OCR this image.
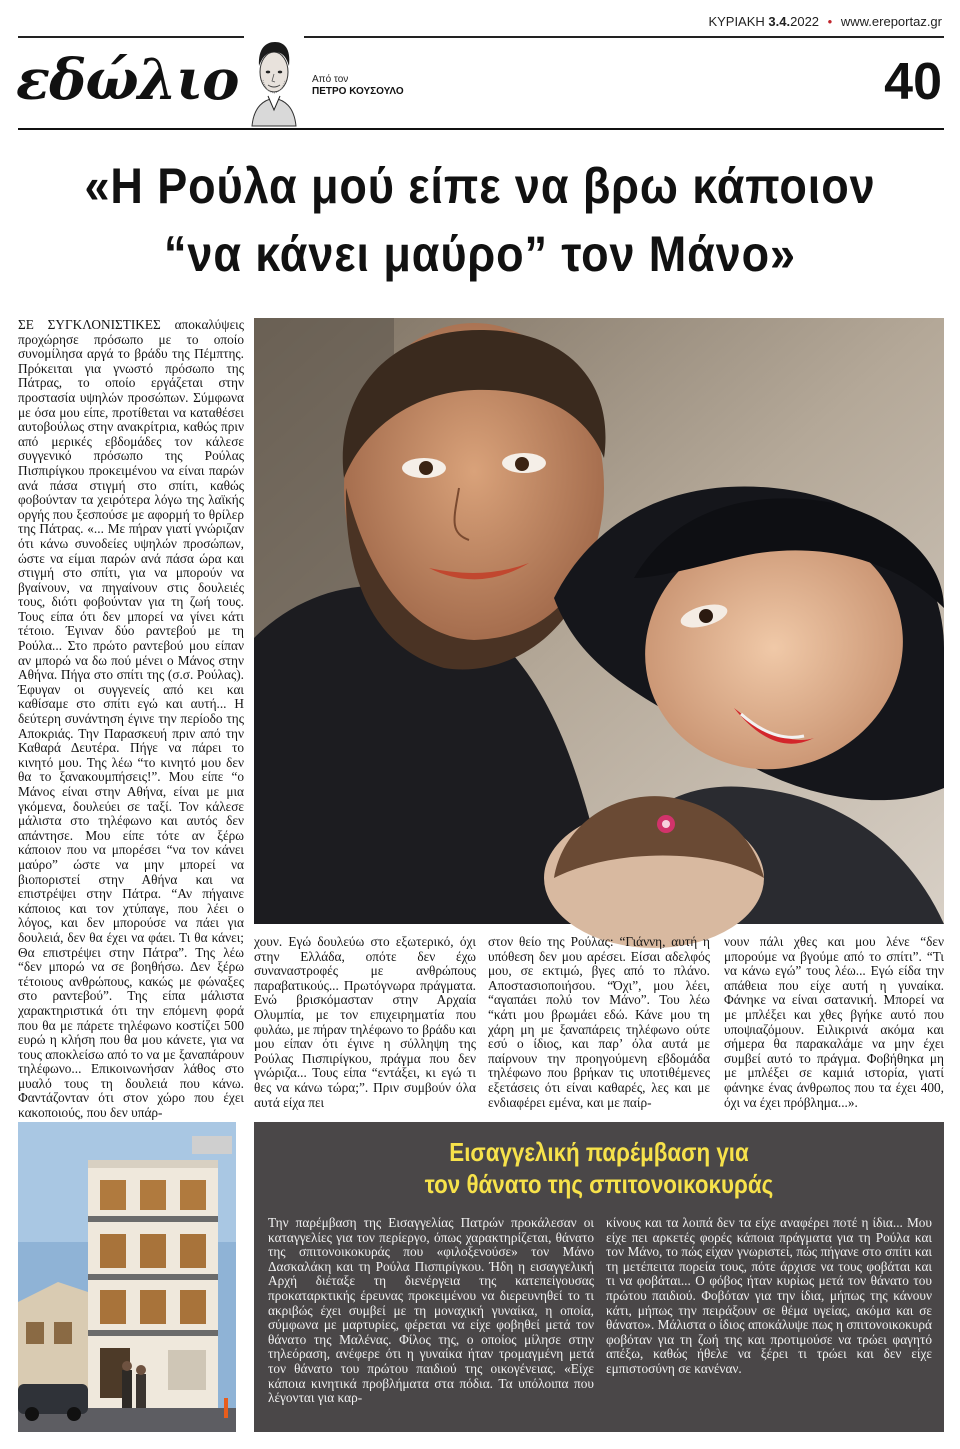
ΚΥΡΙΑΚΗ 3.4.2022 • www.ereportaz.gr
εδώλιο	Από τον
ΠΕΤΡΟ ΚΟΥΣΟΥΛΟ	40
«Η Ρούλα μού είπε να βρω κάποιον
“να κάνει μαύρο” τον Μάνο»
ΣΕ ΣΥΓΚΛΟΝΙΣΤΙΚΕΣ αποκαλύψεις προχώρησε πρόσωπο με το οποίο συνομίλησα αργά το βράδυ της Πέμπτης. Πρόκειται για γνωστό πρόσωπο της Πάτρας, το οποίο εργάζεται στην προστασία υψηλών προσώπων. Σύμφωνα με όσα μου είπε, προτίθεται να καταθέσει αυτοβούλως στην ανακρίτρια, καθώς πριν από μερικές εβδομάδες τον κάλεσε συγγενικό πρόσωπο της Ρούλας Πισπιρίγκου προκειμένου να είναι παρών ανά πάσα στιγμή στο σπίτι, καθώς φοβούνταν τα χειρότερα λόγω της λαϊκής οργής που ξεσπούσε με αφορμή το θρίλερ της Πάτρας. «... Με πήραν γιατί γνώριζαν ότι κάνω συνοδείες υψηλών προσώπων, ώστε να είμαι παρών ανά πάσα ώρα και στιγμή στο σπίτι, για να μπορούν να βγαίνουν, να πηγαίνουν στις δουλειές τους, διότι φοβούνταν για τη ζωή τους. Τους είπα ότι δεν μπορεί να γίνει κάτι τέτοιο. Έγιναν δύο ραντεβού με τη Ρούλα... Στο πρώτο ραντεβού μου είπαν αν μπορώ να δω πού μένει ο Μάνος στην Αθήνα. Πήγα στο σπίτι της (σ.σ. Ρούλας). Έφυγαν οι συγγενείς από κει και καθίσαμε στο σπίτι εγώ και αυτή... Η δεύτερη συνάντηση έγινε την περίοδο της Αποκριάς. Την Παρασκευή πριν από την Καθαρά Δευτέρα. Πήγε να πάρει το κινητό μου. Της λέω “το κινητό μου δεν θα το ξανακουμπήσεις!”. Μου είπε “ο Μάνος είναι στην Αθήνα, είναι με μια γκόμενα, δουλεύει σε ταξί. Τον κάλεσε μάλιστα στο τηλέφωνο και αυτός δεν απάντησε. Μου είπε τότε αν ξέρω κάποιον που να μπορέσει “να τον κάνει μαύρο” ώστε να μην μπορεί να βιοποριστεί στην Αθήνα και να επιστρέψει στην Πάτρα. “Αν πήγαινε κάποιος και τον χτύπαγε, που λέει ο λόγος, και δεν μπορούσε να πάει για δουλειά, δεν θα έχει να φάει. Τι θα κάνει; Θα επιστρέψει στην Πάτρα”. Της λέω “δεν μπορώ να σε βοηθήσω. Δεν ξέρω τέτοιους ανθρώπους, κακώς με φώναξες στο ραντεβού”. Της είπα μάλιστα χαρακτηριστικά ότι την επόμενη φορά που θα με πάρετε τηλέφωνο κοστίζει 500 ευρώ η κλήση που θα μου κάνετε, για να τους αποκλείσω από το να με ξαναπάρουν τηλέφωνο... Επικοινωνήσαν λάθος στο μυαλό τους τη δουλειά που κάνω. Φαντάζονταν ότι στον χώρο που έχει κακοποιούς, που δεν υπάρ-
χουν. Εγώ δουλεύω στο εξωτερικό, όχι στην Ελλάδα, οπότε δεν έχω συναναστροφές με ανθρώπους παραβατικούς... Πρωτόγνωρα πράγματα. Ενώ βρισκόμασταν στην Αρχαία Ολυμπία, με τον επιχειρηματία που φυλάω, με πήραν τηλέφωνο το βράδυ και μου είπαν ότι έγινε η σύλληψη της Ρούλας Πισπιρίγκου, πράγμα που δεν γνώριζα... Τους είπα “εντάξει, κι εγώ τι θες να κάνω τώρα;”. Πριν συμβούν όλα αυτά είχα πει
στον θείο της Ρούλας: “Γιάννη, αυτή η υπόθεση δεν μου αρέσει. Είσαι αδελφός μου, σε εκτιμώ, βγες από το πλάνο. Αποστασιοποιήσου. “Όχι”, μου λέει, “αγαπάει πολύ τον Μάνο”. Του λέω “κάτι μου βρωμάει εδώ. Κάνε μου τη χάρη μη με ξαναπάρεις τηλέφωνο ούτε εσύ ο ίδιος, και παρ’ όλα αυτά με παίρνουν την προηγούμενη εβδομάδα τηλέφωνο που βρήκαν τις υποτιθέμενες εξετάσεις ότι είναι καθαρές, λες και με ενδιαφέρει εμένα, και με παίρ-
νουν πάλι χθες και μου λένε “δεν μπορούμε να βγούμε από το σπίτι”. “Τι να κάνω εγώ” τους λέω... Εγώ είδα την απάθεια που είχε αυτή η γυναίκα. Φάνηκε να είναι σατανική. Μπορεί να με μπλέξει και χθες βγήκε αυτό που υποψιαζόμουν. Ειλικρινά ακόμα και σήμερα θα παρακαλάμε να μην έχει συμβεί αυτό το πράγμα. Φοβήθηκα μη με μπλέξει σε καμιά ιστορία, γιατί φάνηκε ένας άνθρωπος που τα έχει 400, όχι να έχει πρόβλημα...».
Εισαγγελική παρέμβαση για
τον θάνατο της σπιτονοικοκυράς
Την παρέμβαση της Εισαγγελίας Πατρών προκάλεσαν οι καταγγελίες για τον περίεργο, όπως χαρακτηρίζεται, θάνατο της σπιτονοικοκυράς που «φιλοξενούσε» τον Μάνο Δασκαλάκη και τη Ρούλα Πισπιρίγκου. Ήδη η εισαγγελική Αρχή διέταξε τη διενέργεια της κατεπείγουσας προκαταρκτικής έρευνας προκειμένου να διερευνηθεί το τι ακριβώς έχει συμβεί με τη μοναχική γυναίκα, η οποία, σύμφωνα με μαρτυρίες, φέρεται να είχε φοβηθεί μετά τον θάνατο της Μαλένας. Φίλος της, ο οποίος μίλησε στην τηλεόραση, ανέφερε ότι η γυναίκα ήταν τρομαγμένη μετά τον θάνατο του πρώτου παιδιού της οικογένειας. «Είχε κάποια κινητικά προβλήματα στα πόδια. Τα υπόλοιπα που λέγονται για καρ-
κίνους και τα λοιπά δεν τα είχε αναφέρει ποτέ η ίδια... Μου είχε πει αρκετές φορές κάποια πράγματα για τη Ρούλα και τον Μάνο, το πώς είχαν γνωριστεί, πώς πήγανε στο σπίτι και τη μετέπειτα πορεία τους, πότε άρχισε να τους φοβάται και τι να φοβάται... Ο φόβος ήταν κυρίως μετά τον θάνατο του πρώτου παιδιού. Φοβόταν για την ίδια, μήπως της κάνουν κάτι, μήπως την πειράξουν σε θέμα υγείας, ακόμα και σε θάνατο». Μάλιστα ο ίδιος αποκάλυψε πως η σπιτονοικοκυρά φοβόταν για τη ζωή της και προτιμούσε να τρώει φαγητό απέξω, καθώς ήθελε να ξέρει τι τρώει και δεν είχε εμπιστοσύνη σε κανέναν.
